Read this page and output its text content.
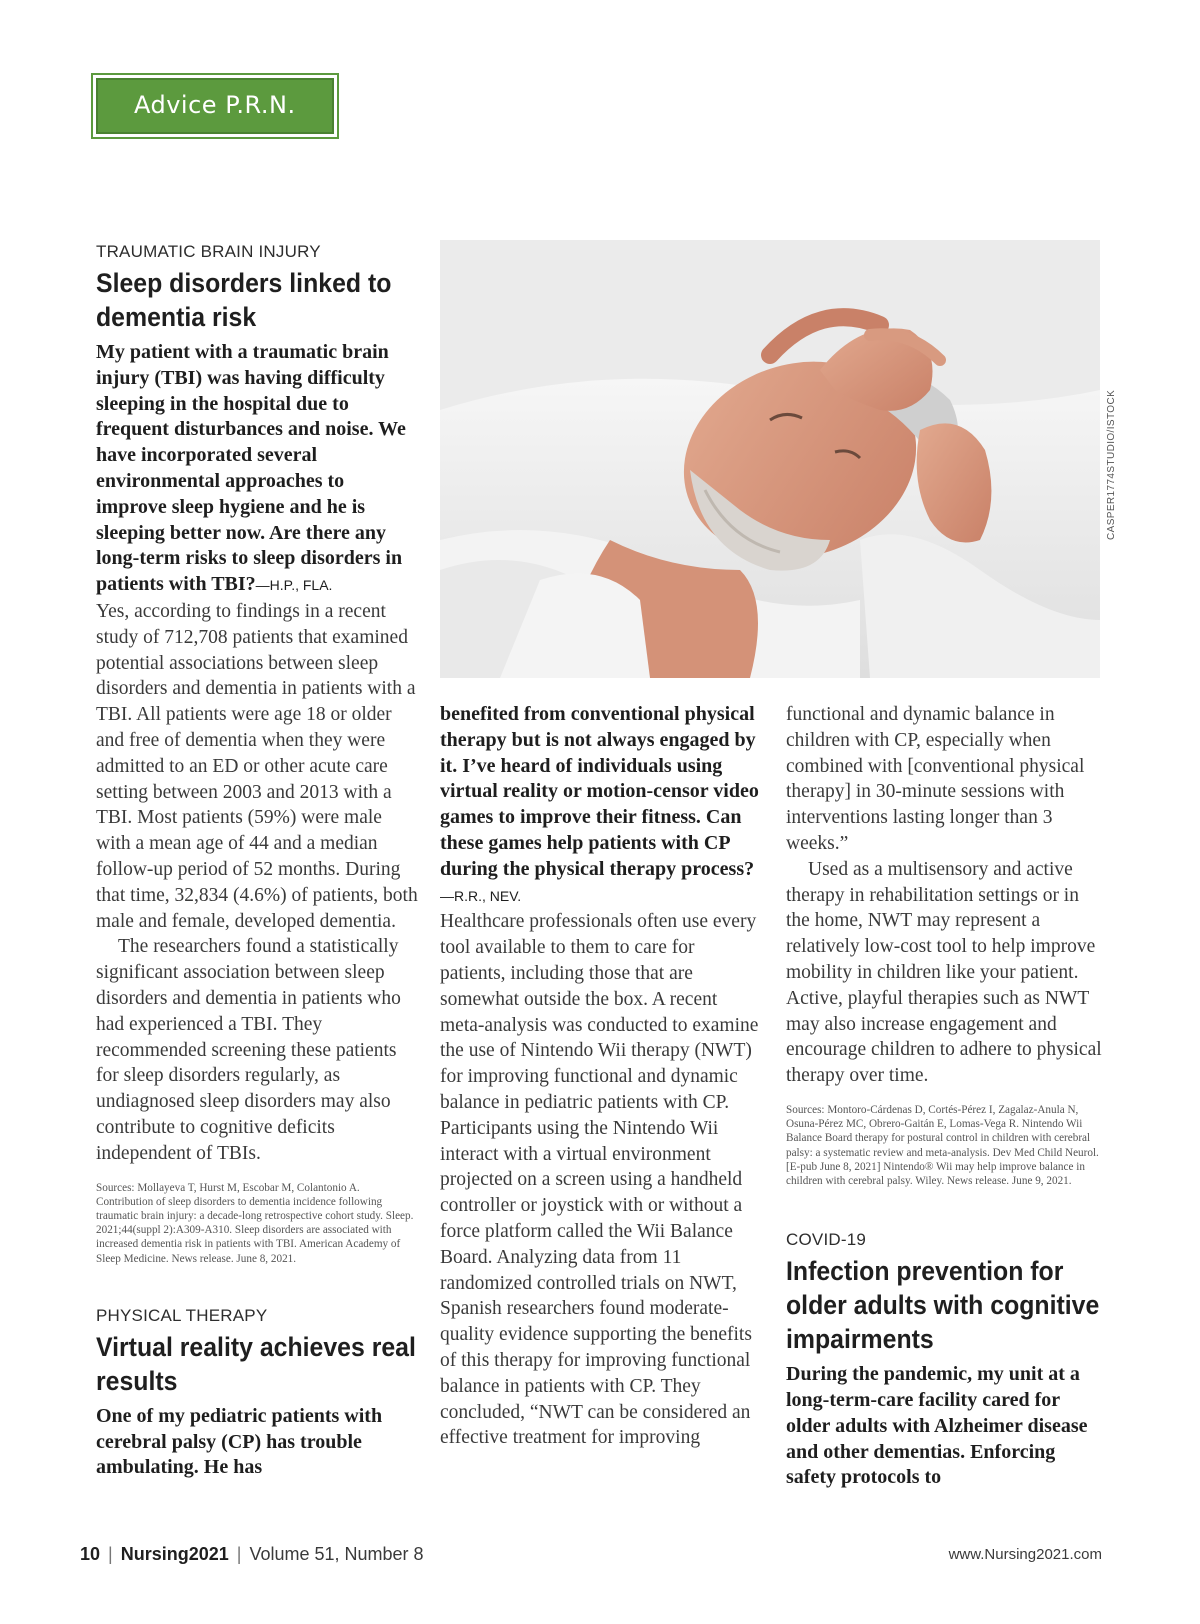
Advice P.R.N.
CASPER1774STUDIO/ISTOCK

TRAUMATIC BRAIN INJURY

Sleep disorders linked to dementia risk

My patient with a traumatic brain injury (TBI) was having difficulty sleeping in the hospital due to frequent disturbances and noise. We have incorporated several environmental approaches to improve sleep hygiene and he is sleeping better now. Are there any long-term risks to sleep disorders in patients with TBI?—H.P., FLA.

Yes, according to findings in a recent study of 712,708 patients that examined potential associations between sleep disorders and dementia in patients with a TBI. All patients were age 18 or older and free of dementia when they were admitted to an ED or other acute care setting between 2003 and 2013 with a TBI. Most patients (59%) were male with a mean age of 44 and a median follow-up period of 52 months. During that time, 32,834 (4.6%) of patients, both male and female, developed dementia.

The researchers found a statistically significant association between sleep disorders and dementia in patients who had experienced a TBI. They recommended screening these patients for sleep disorders regularly, as undiagnosed sleep disorders may also contribute to cognitive deficits independent of TBIs.

Sources: Mollayeva T, Hurst M, Escobar M, Colantonio A. Contribution of sleep disorders to dementia incidence following traumatic brain injury: a decade-long retrospective cohort study. Sleep. 2021;44(suppl 2):A309-A310. Sleep disorders are associated with increased dementia risk in patients with TBI. American Academy of Sleep Medicine. News release. June 8, 2021.

PHYSICAL THERAPY

Virtual reality achieves real results

One of my pediatric patients with cerebral palsy (CP) has trouble ambulating. He has

benefited from conventional physical therapy but is not always engaged by it. I’ve heard of individuals using virtual reality or motion-censor video games to improve their fitness. Can these games help patients with CP during the physical therapy process?—R.R., NEV.

Healthcare professionals often use every tool available to them to care for patients, including those that are somewhat outside the box. A recent meta-analysis was conducted to examine the use of Nintendo Wii therapy (NWT) for improving functional and dynamic balance in pediatric patients with CP. Participants using the Nintendo Wii interact with a virtual environment projected on a screen using a handheld controller or joystick with or without a force platform called the Wii Balance Board. Analyzing data from 11 randomized controlled trials on NWT, Spanish researchers found moderate-quality evidence supporting the benefits of this therapy for improving functional balance in patients with CP. They concluded, “NWT can be considered an effective treatment for improving

functional and dynamic balance in children with CP, especially when combined with [conventional physical therapy] in 30-minute sessions with interventions lasting longer than 3 weeks.”

Used as a multisensory and active therapy in rehabilitation settings or in the home, NWT may represent a relatively low-cost tool to help improve mobility in children like your patient. Active, playful therapies such as NWT may also increase engagement and encourage children to adhere to physical therapy over time.

Sources: Montoro-Cárdenas D, Cortés-Pérez I, Zagalaz-Anula N, Osuna-Pérez MC, Obrero-Gaitán E, Lomas-Vega R. Nintendo Wii Balance Board therapy for postural control in children with cerebral palsy: a systematic review and meta-analysis. Dev Med Child Neurol. [E-pub June 8, 2021] Nintendo® Wii may help improve balance in children with cerebral palsy. Wiley. News release. June 9, 2021.

COVID-19

Infection prevention for older adults with cognitive impairments

During the pandemic, my unit at a long-term-care facility cared for older adults with Alzheimer disease and other dementias. Enforcing safety protocols to

10 | Nursing2021 | Volume 51, Number 8	www.Nursing2021.com
